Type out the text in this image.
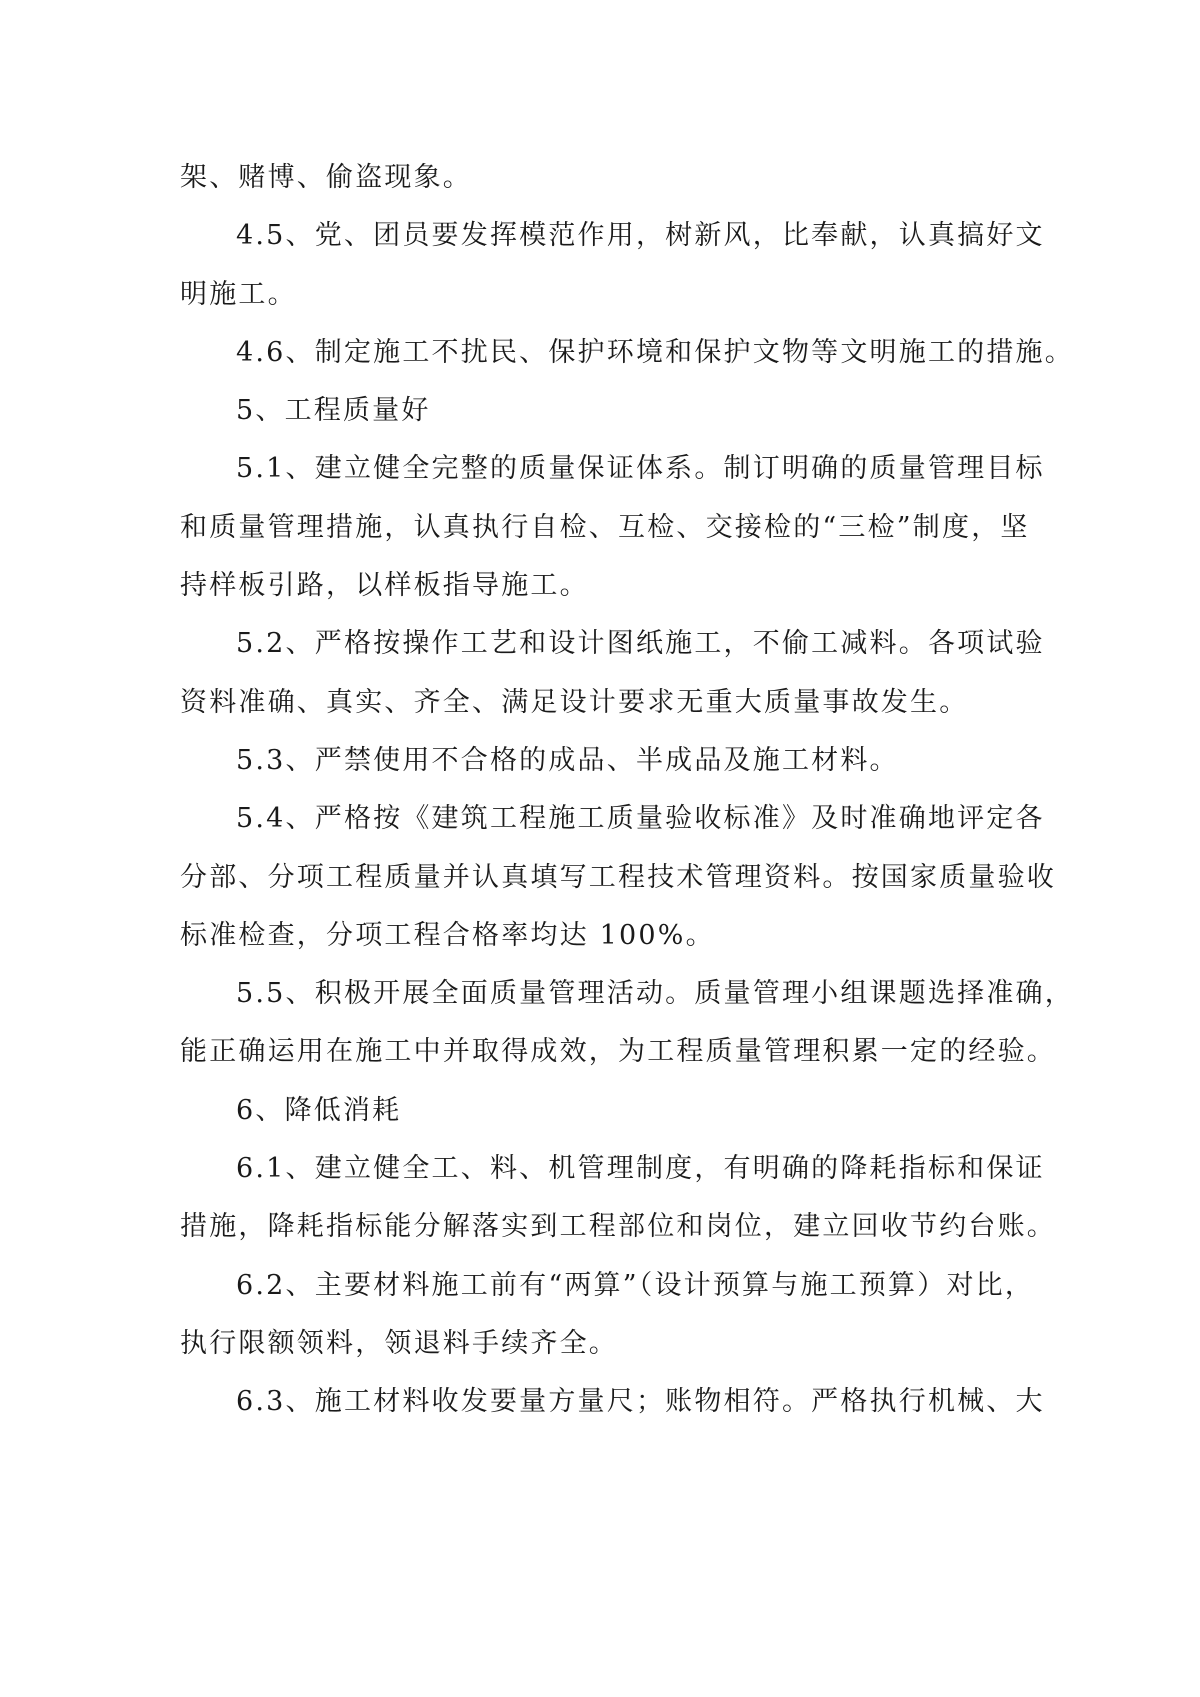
架、赌博、偷盗现象。
4.5、党、团员要发挥模范作用，树新风，比奉献，认真搞好文
明施工。
4.6、制定施工不扰民、保护环境和保护文物等文明施工的措施。
5、工程质量好
5.1、建立健全完整的质量保证体系。制订明确的质量管理目标
和质量管理措施，认真执行自检、互检、交接检的“三检”制度，坚
持样板引路，以样板指导施工。
5.2、严格按操作工艺和设计图纸施工，不偷工减料。各项试验
资料准确、真实、齐全、满足设计要求无重大质量事故发生。
5.3、严禁使用不合格的成品、半成品及施工材料。
5.4、严格按《建筑工程施工质量验收标准》及时准确地评定各
分部、分项工程质量并认真填写工程技术管理资料。按国家质量验收
标准检查，分项工程合格率均达 100%。
5.5、积极开展全面质量管理活动。质量管理小组课题选择准确，
能正确运用在施工中并取得成效，为工程质量管理积累一定的经验。
6、降低消耗
6.1、建立健全工、料、机管理制度，有明确的降耗指标和保证
措施，降耗指标能分解落实到工程部位和岗位，建立回收节约台账。
6.2、主要材料施工前有“两算”（设计预算与施工预算）对比，
执行限额领料，领退料手续齐全。
6.3、施工材料收发要量方量尺；账物相符。严格执行机械、大
